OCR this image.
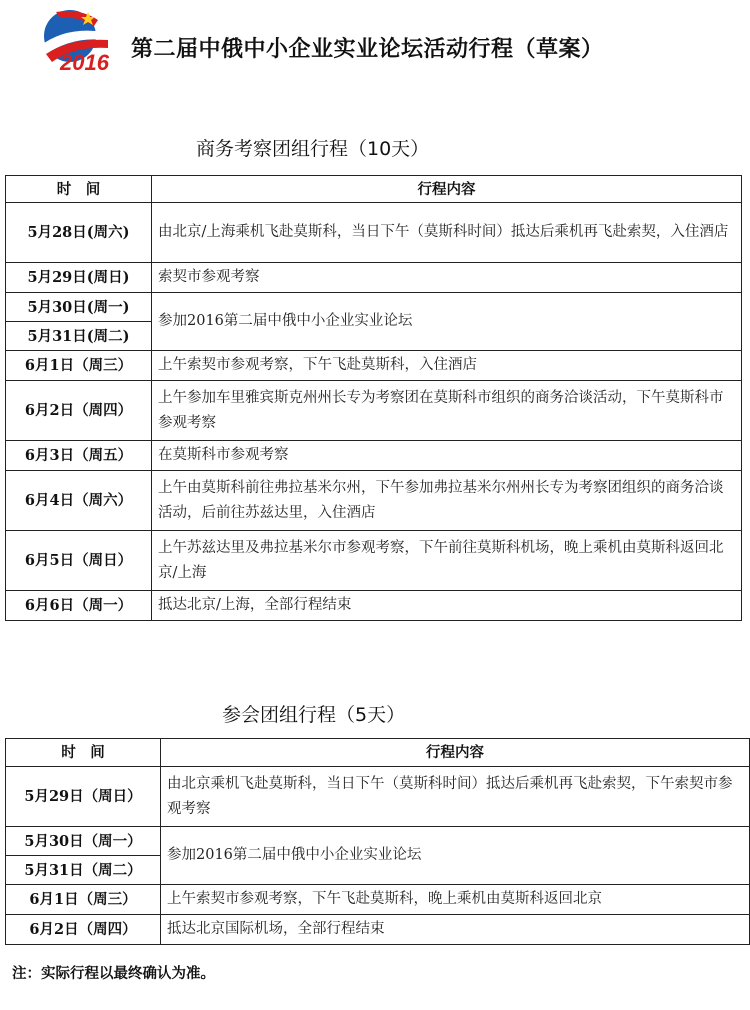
2016
第二届中俄中小企业实业论坛活动行程（草案）
商务考察团组行程（10天）
时　间	行程内容
5月28日(周六)	由北京/上海乘机飞赴莫斯科，当日下午（莫斯科时间）抵达后乘机再飞赴索契，入住酒店
5月29日(周日)	索契市参观考察
5月30日(周一)	参加2016第二届中俄中小企业实业论坛
5月31日(周二)	
6月1日（周三）	上午索契市参观考察，下午飞赴莫斯科，入住酒店
6月2日（周四）	上午参加车里雅宾斯克州州长专为考察团在莫斯科市组织的商务洽谈活动，下午莫斯科市参观考察
6月3日（周五）	在莫斯科市参观考察
6月4日（周六）	上午由莫斯科前往弗拉基米尔州，下午参加弗拉基米尔州州长专为考察团组织的商务洽谈活动，后前往苏兹达里，入住酒店
6月5日（周日）	上午苏兹达里及弗拉基米尔市参观考察，下午前往莫斯科机场，晚上乘机由莫斯科返回北京/上海
6月6日（周一）	抵达北京/上海，全部行程结束
参会团组行程（5天）
时　间	行程内容
5月29日（周日）	由北京乘机飞赴莫斯科，当日下午（莫斯科时间）抵达后乘机再飞赴索契，下午索契市参观考察
5月30日（周一）	参加2016第二届中俄中小企业实业论坛
5月31日（周二）	
6月1日（周三）	上午索契市参观考察，下午飞赴莫斯科，晚上乘机由莫斯科返回北京
6月2日（周四）	抵达北京国际机场，全部行程结束
注：实际行程以最终确认为准。
